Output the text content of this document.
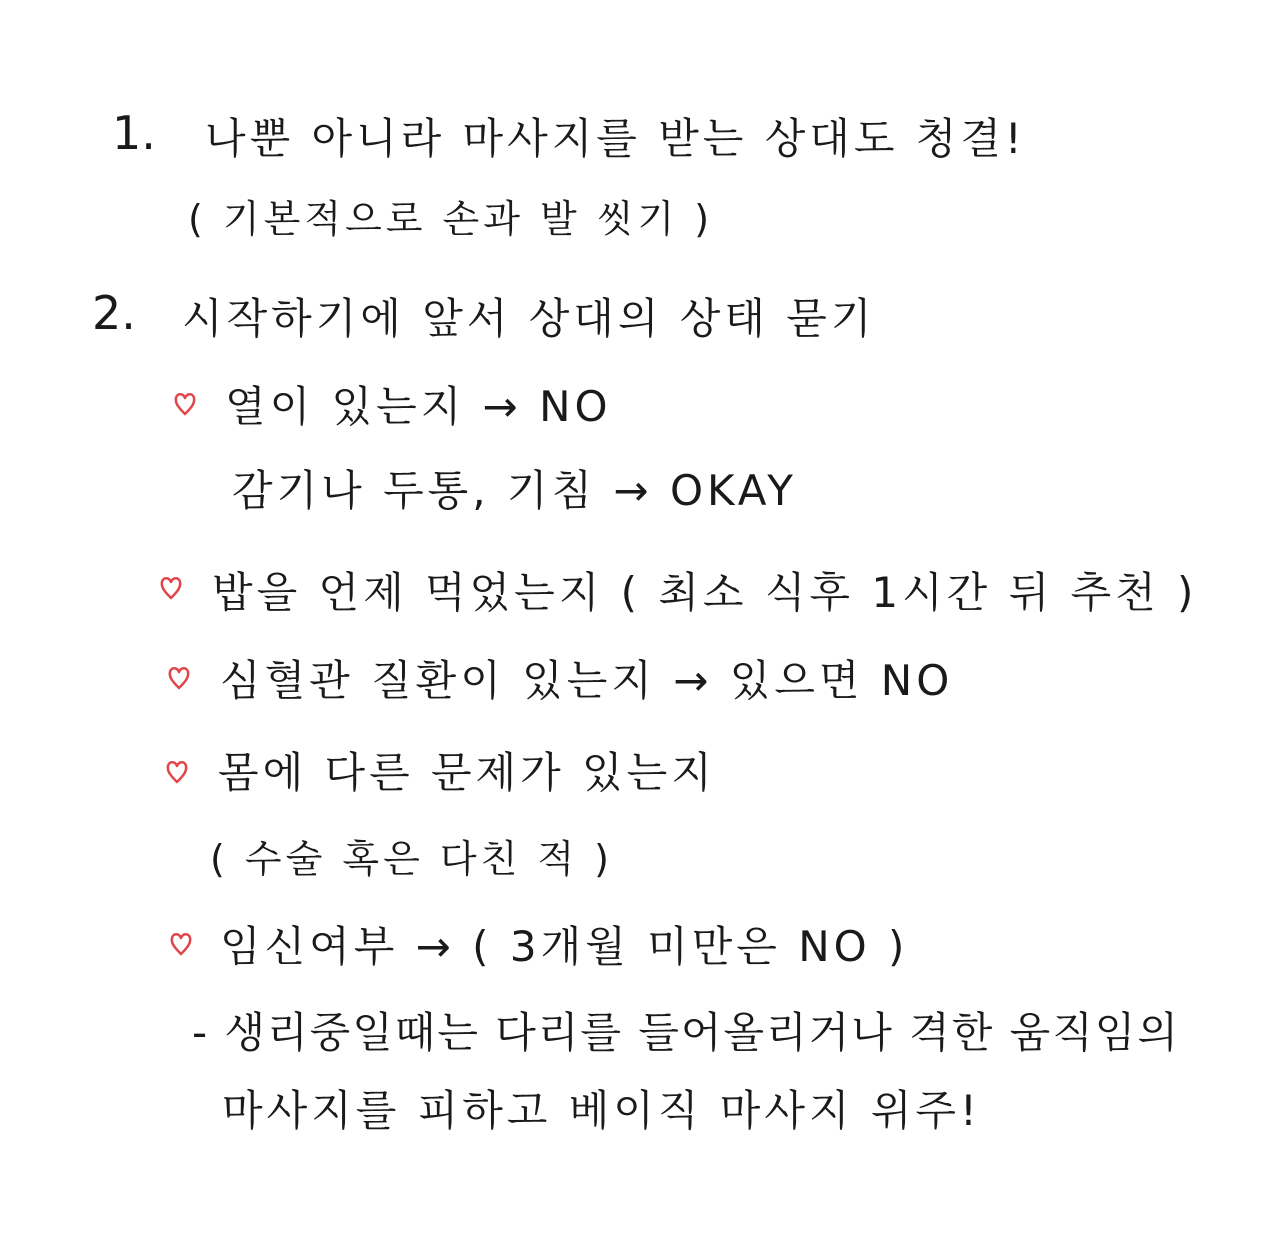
1. 나뿐 아니라 마사지를 받는 상대도 청결!
( 기본적으로 손과 발 씻기 )
2. 시작하기에 앞서 상대의 상태 묻기
열이 있는지 → NO
감기나 두통, 기침 → OKAY
밥을 언제 먹었는지 ( 최소 식후 1시간 뒤 추천 )
심혈관 질환이 있는지 → 있으면 NO
몸에 다른 문제가 있는지
( 수술 혹은 다친 적 )
임신여부 → ( 3개월 미만은 NO )
- 생리중일때는 다리를 들어올리거나 격한 움직임의
마사지를 피하고 베이직 마사지 위주!
